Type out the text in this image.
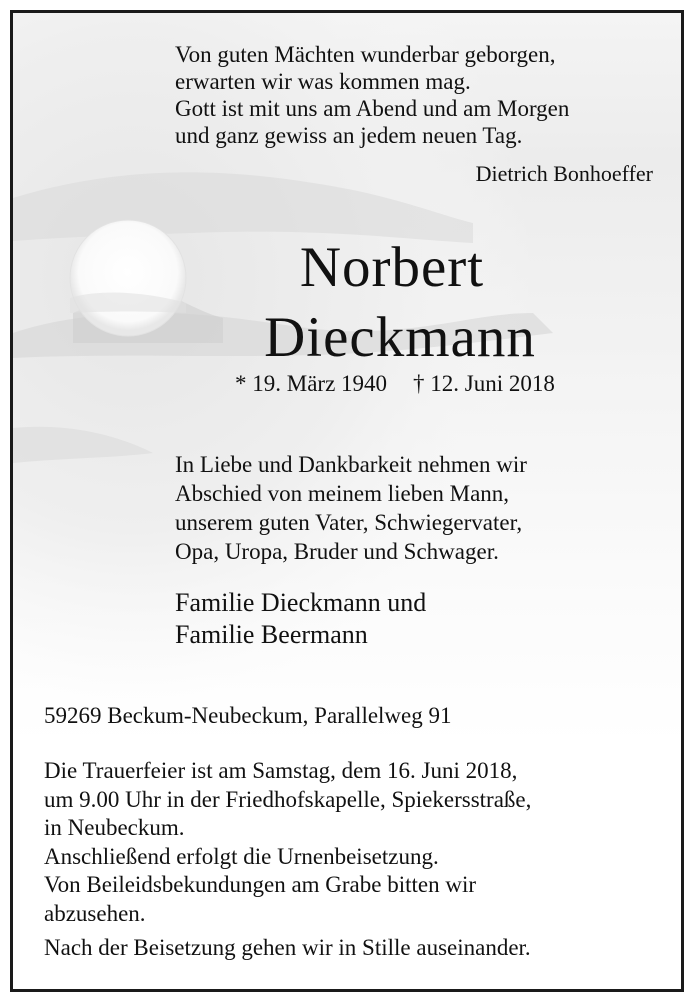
Von guten Mächten wunderbar geborgen,
erwarten wir was kommen mag.
Gott ist mit uns am Abend und am Morgen
und ganz gewiss an jedem neuen Tag.
Dietrich Bonhoeffer
Norbert
Dieckmann
* 19. März 1940 † 12. Juni 2018
In Liebe und Dankbarkeit nehmen wir
Abschied von meinem lieben Mann,
unserem guten Vater, Schwiegervater,
Opa, Uropa, Bruder und Schwager.
Familie Dieckmann und
Familie Beermann
59269 Beckum-Neubeckum, Parallelweg 91
Die Trauerfeier ist am Samstag, dem 16. Juni 2018,
um 9.00 Uhr in der Friedhofskapelle, Spiekersstraße,
in Neubeckum.
Anschließend erfolgt die Urnenbeisetzung.
Von Beileidsbekundungen am Grabe bitten wir
abzusehen.
Nach der Beisetzung gehen wir in Stille auseinander.
